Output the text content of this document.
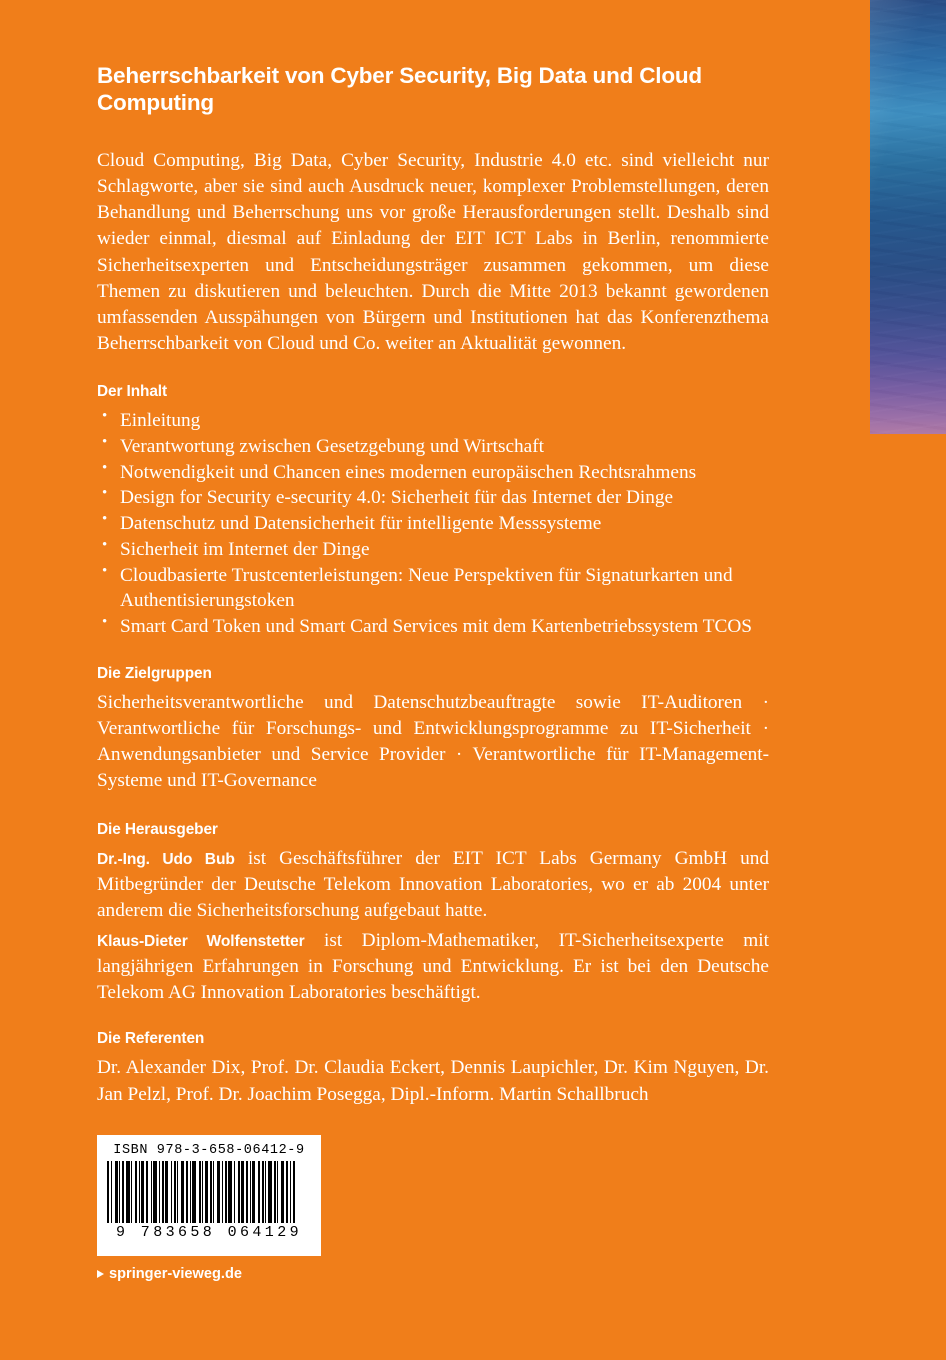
Beherrschbarkeit von Cyber Security, Big Data und Cloud Computing

Cloud Computing, Big Data, Cyber Security, Industrie 4.0 etc. sind vielleicht nur Schlagworte, aber sie sind auch Ausdruck neuer, komplexer Problemstellungen, deren Behandlung und Beherrschung uns vor große Herausforderungen stellt. Deshalb sind wieder einmal, diesmal auf Einladung der EIT ICT Labs in Berlin, renommierte Sicherheitsexperten und Entscheidungsträger zusammen gekommen, um diese Themen zu diskutieren und beleuchten. Durch die Mitte 2013 bekannt gewordenen umfassenden Ausspähungen von Bürgern und Institutionen hat das Konferenzthema Beherrschbarkeit von Cloud und Co. weiter an Aktualität gewonnen.

Der Inhalt
• Einleitung
• Verantwortung zwischen Gesetzgebung und Wirtschaft
• Notwendigkeit und Chancen eines modernen europäischen Rechtsrahmens
• Design for Security e-security 4.0: Sicherheit für das Internet der Dinge
• Datenschutz und Datensicherheit für intelligente Messsysteme
• Sicherheit im Internet der Dinge
• Cloudbasierte Trustcenterleistungen: Neue Perspektiven für Signaturkarten und Authentisierungstoken
• Smart Card Token und Smart Card Services mit dem Kartenbetriebssystem TCOS
Die Zielgruppen

Sicherheitsverantwortliche und Datenschutzbeauftragte sowie IT-Auditoren · Verantwortliche für Forschungs- und Entwicklungsprogramme zu IT-Sicherheit · Anwendungsanbieter und Service Provider · Verantwortliche für IT-Management-Systeme und IT-Governance

Die Herausgeber

Dr.-Ing. Udo Bub ist Geschäftsführer der EIT ICT Labs Germany GmbH und Mitbegründer der Deutsche Telekom Innovation Laboratories, wo er ab 2004 unter anderem die Sicherheitsforschung aufgebaut hatte.

Klaus-Dieter Wolfenstetter ist Diplom-Mathematiker, IT-Sicherheitsexperte mit langjährigen Erfahrungen in Forschung und Entwicklung. Er ist bei den Deutsche Telekom AG Innovation Laboratories beschäftigt.

Die Referenten

Dr. Alexander Dix, Prof. Dr. Claudia Eckert, Dennis Laupichler, Dr. Kim Nguyen, Dr. Jan Pelzl, Prof. Dr. Joachim Posegga, Dipl.-Inform. Martin Schallbruch

ISBN 978-3-658-06412-9
9 783658 064129
springer-vieweg.de
